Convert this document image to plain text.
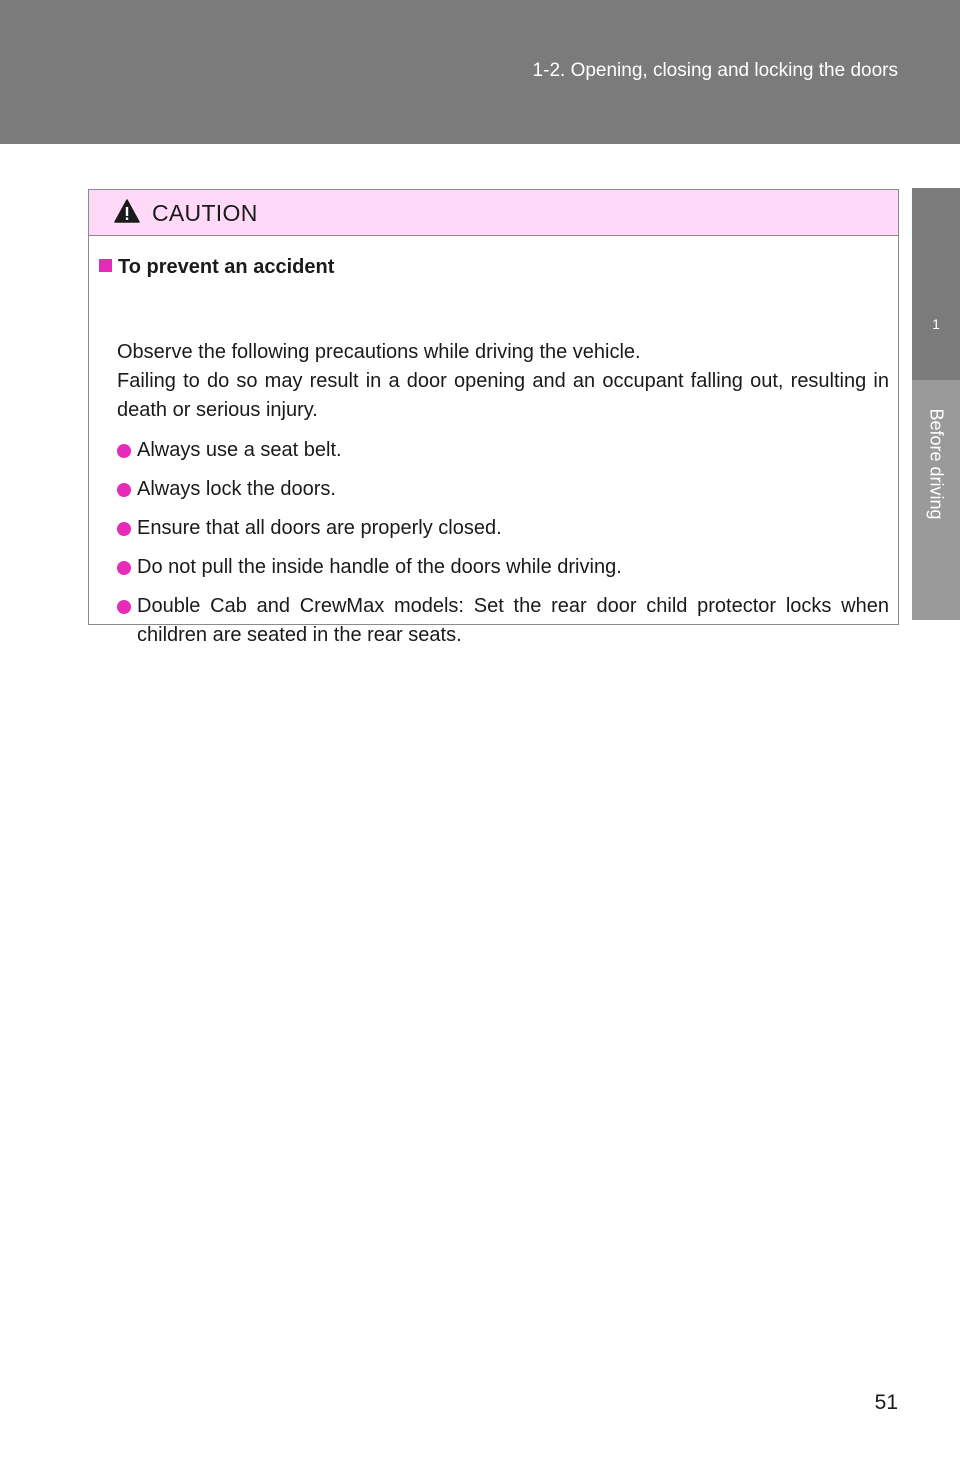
1-2. Opening, closing and locking the doors
1
Before driving
CAUTION
To prevent an accident

Observe the following precautions while driving the vehicle.

Failing to do so may result in a door opening and an occupant falling out, resulting in death or serious injury.

Always use a seat belt.
Always lock the doors.
Ensure that all doors are properly closed.
Do not pull the inside handle of the doors while driving.
Double Cab and CrewMax models: Set the rear door child protector locks when children are seated in the rear seats.
51
